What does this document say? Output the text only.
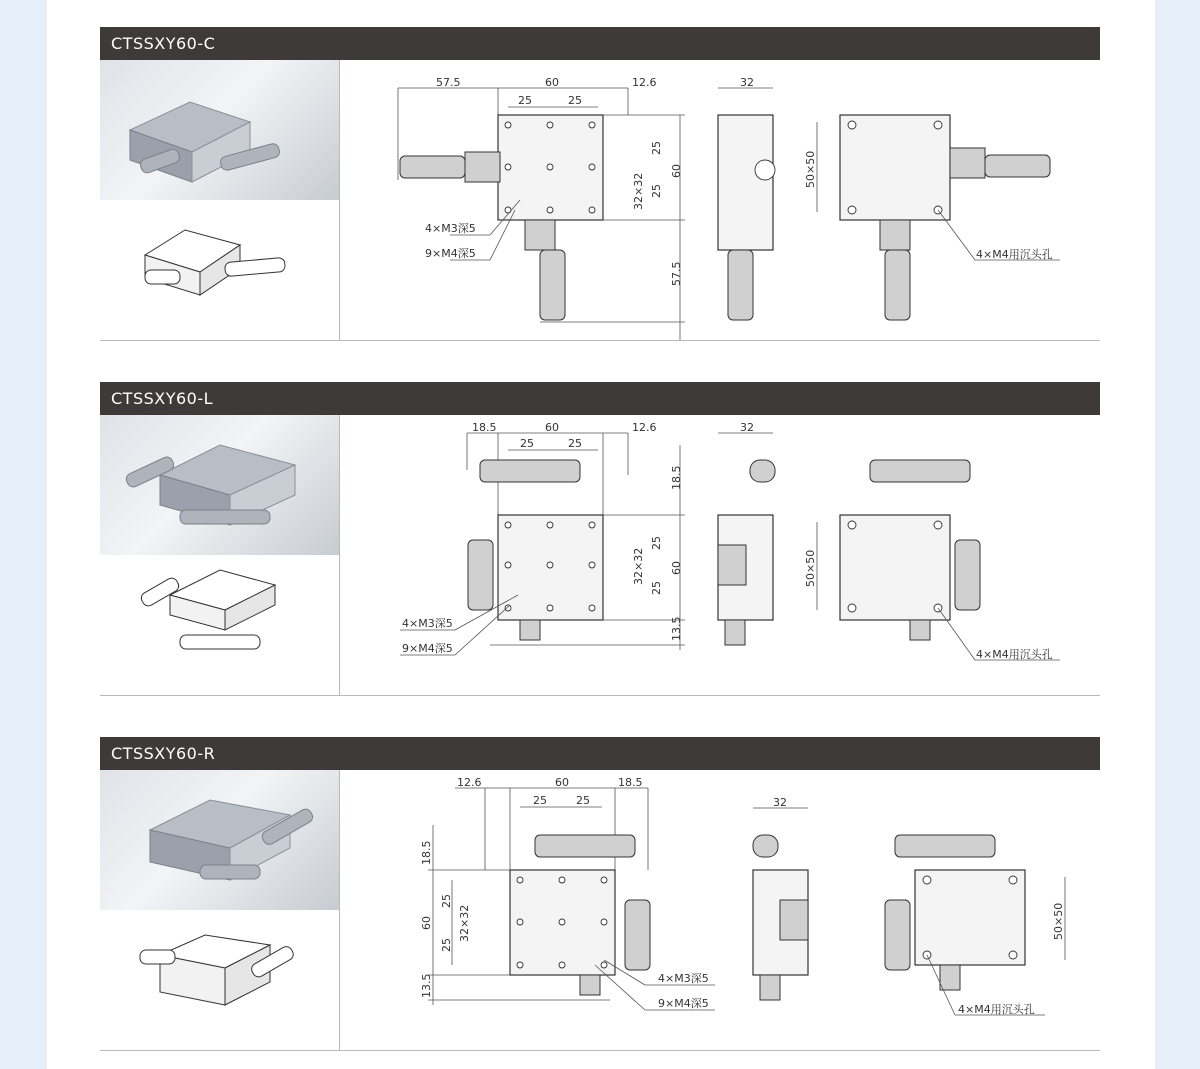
CTSSXY60-C
57.5	60	12.6
25	25
32
32×32
25
25
60
57.5
50×50
4×M3深5
9×M4深5	4×M4用沉头孔
CTSSXY60-L
18.5	60	12.6
25	25
32
32×32
25
25
60
18.5
13.5
50×50
4×M3深5
9×M4深5	4×M4用沉头孔
CTSSXY60-R
12.6	60	18.5
25	25	32
32×32
25
25
60
18.5
13.5
50×50
4×M3深5
9×M4深5	4×M4用沉头孔
